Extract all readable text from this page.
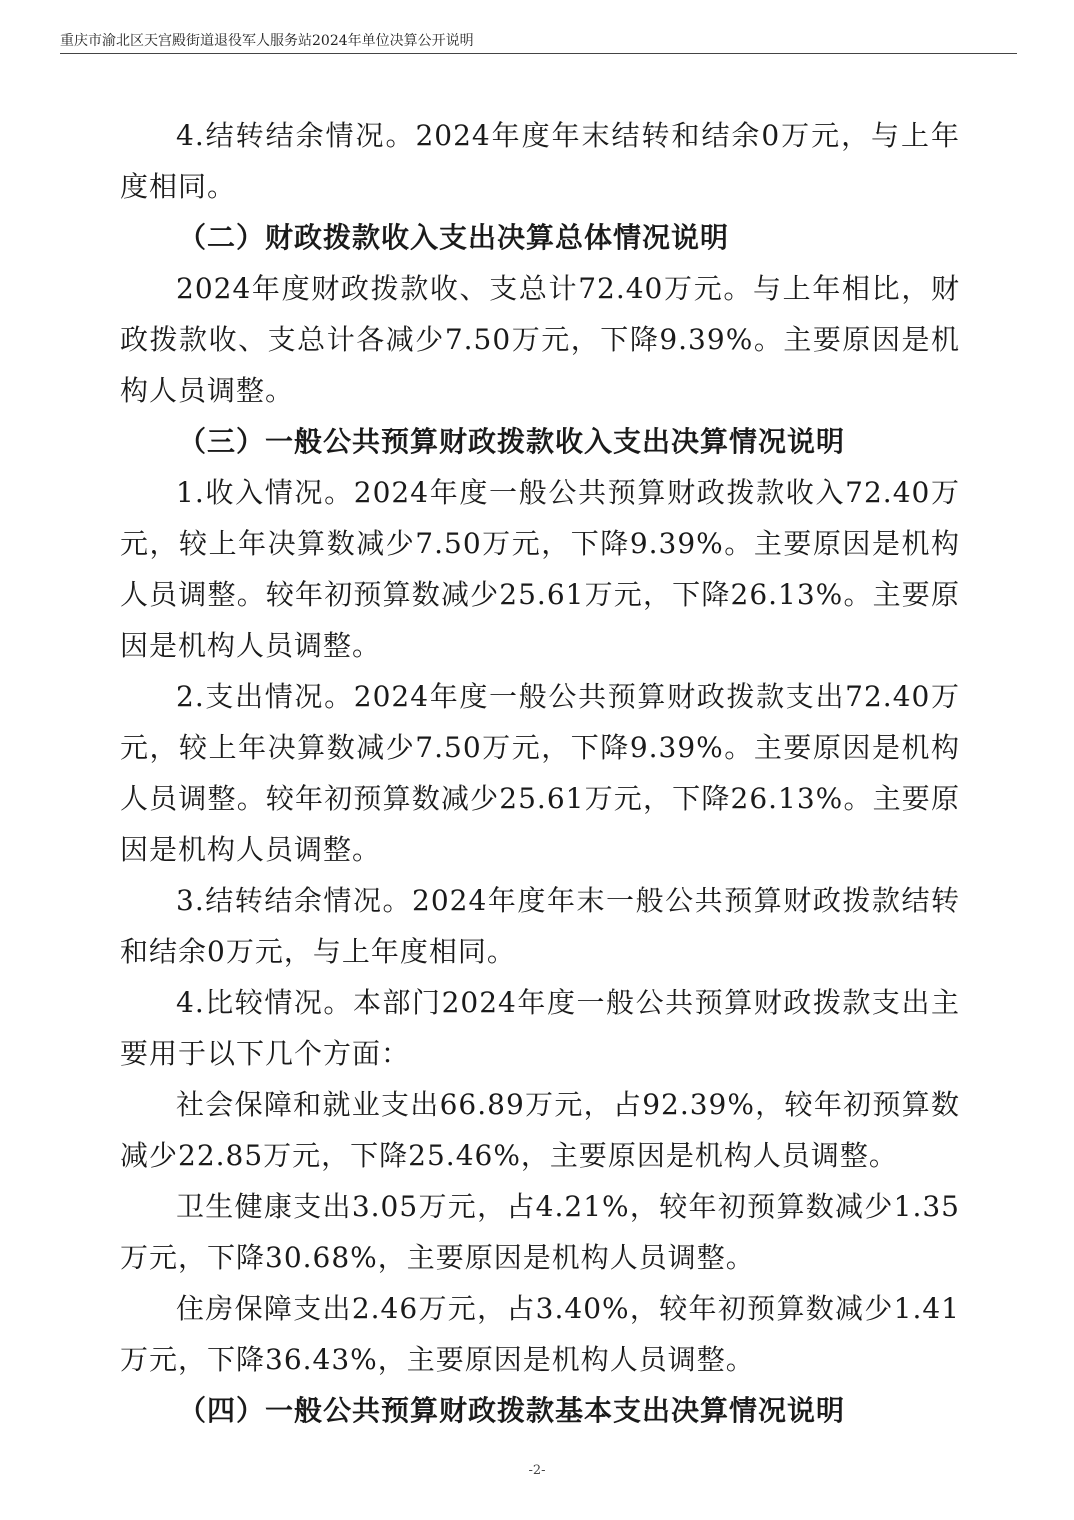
重庆市渝北区天宫殿街道退役军人服务站2024年单位决算公开说明

4.结转结余情况。2024年度年末结转和结余0万元，与上年度相同。

（二）财政拨款收入支出决算总体情况说明

2024年度财政拨款收、支总计72.40万元。与上年相比，财政拨款收、支总计各减少7.50万元，下降9.39%。主要原因是机构人员调整。

（三）一般公共预算财政拨款收入支出决算情况说明

1.收入情况。2024年度一般公共预算财政拨款收入72.40万元，较上年决算数减少7.50万元，下降9.39%。主要原因是机构人员调整。较年初预算数减少25.61万元，下降26.13%。主要原因是机构人员调整。

2.支出情况。2024年度一般公共预算财政拨款支出72.40万元，较上年决算数减少7.50万元，下降9.39%。主要原因是机构人员调整。较年初预算数减少25.61万元，下降26.13%。主要原因是机构人员调整。

3.结转结余情况。2024年度年末一般公共预算财政拨款结转和结余0万元，与上年度相同。

4.比较情况。本部门2024年度一般公共预算财政拨款支出主要用于以下几个方面：

社会保障和就业支出66.89万元，占92.39%，较年初预算数减少22.85万元，下降25.46%，主要原因是机构人员调整。

卫生健康支出3.05万元，占4.21%，较年初预算数减少1.35万元，下降30.68%，主要原因是机构人员调整。

住房保障支出2.46万元，占3.40%，较年初预算数减少1.41万元，下降36.43%，主要原因是机构人员调整。

（四）一般公共预算财政拨款基本支出决算情况说明

-2-
